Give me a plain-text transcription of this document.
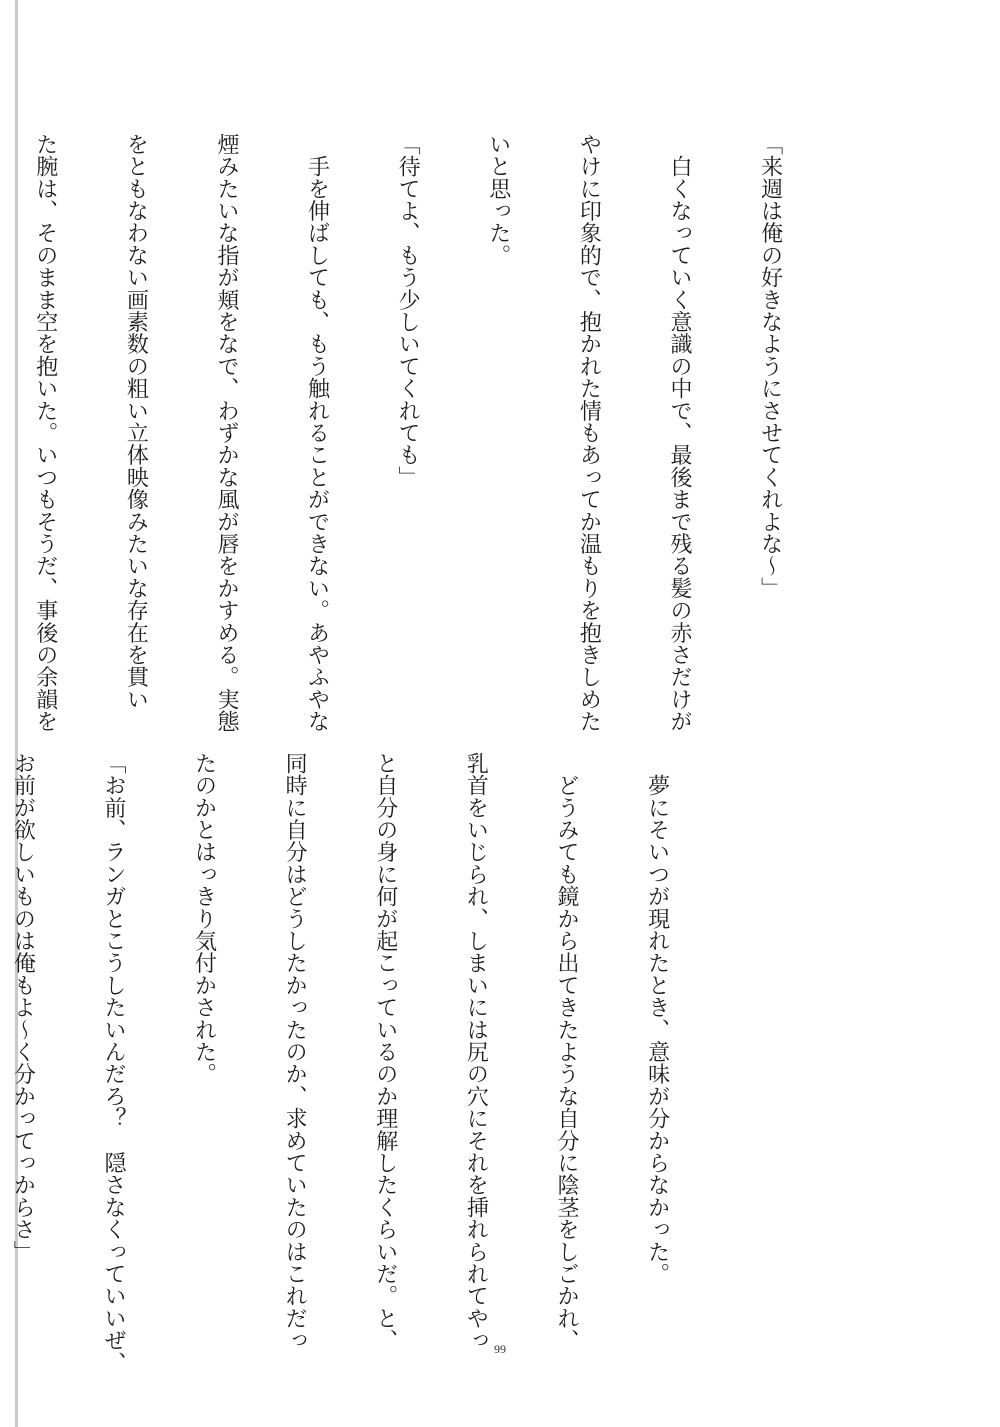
「来週は俺の好きなようにさせてくれよな〜」

　白くなっていく意識の中で、最後まで残る髪の赤さだけが

やけに印象的で、抱かれた情もあってか温もりを抱きしめた

いと思った。

「待てよ、もう少しいてくれても」

　手を伸ばしても、もう触れることができない。あやふやな

煙みたいな指が頬をなで、わずかな風が唇をかすめる。実態

をともなわない画素数の粗い立体映像みたいな存在を貫い

た腕は、そのまま空を抱いた。いつもそうだ、事後の余韻を

　夢にそいつが現れたとき、意味が分からなかった。

　どうみても鏡から出てきたような自分に陰茎をしごかれ、

乳首をいじられ、しまいには尻の穴にそれを挿れられてやっ

と自分の身に何が起こっているのか理解したくらいだ。と、

同時に自分はどうしたかったのか、求めていたのはこれだっ

たのかとはっきり気付かされた。

「お前、ランガとこうしたいんだろ？　隠さなくっていいぜ、

お前が欲しいものは俺もよ〜く分かってっからさ」

99
